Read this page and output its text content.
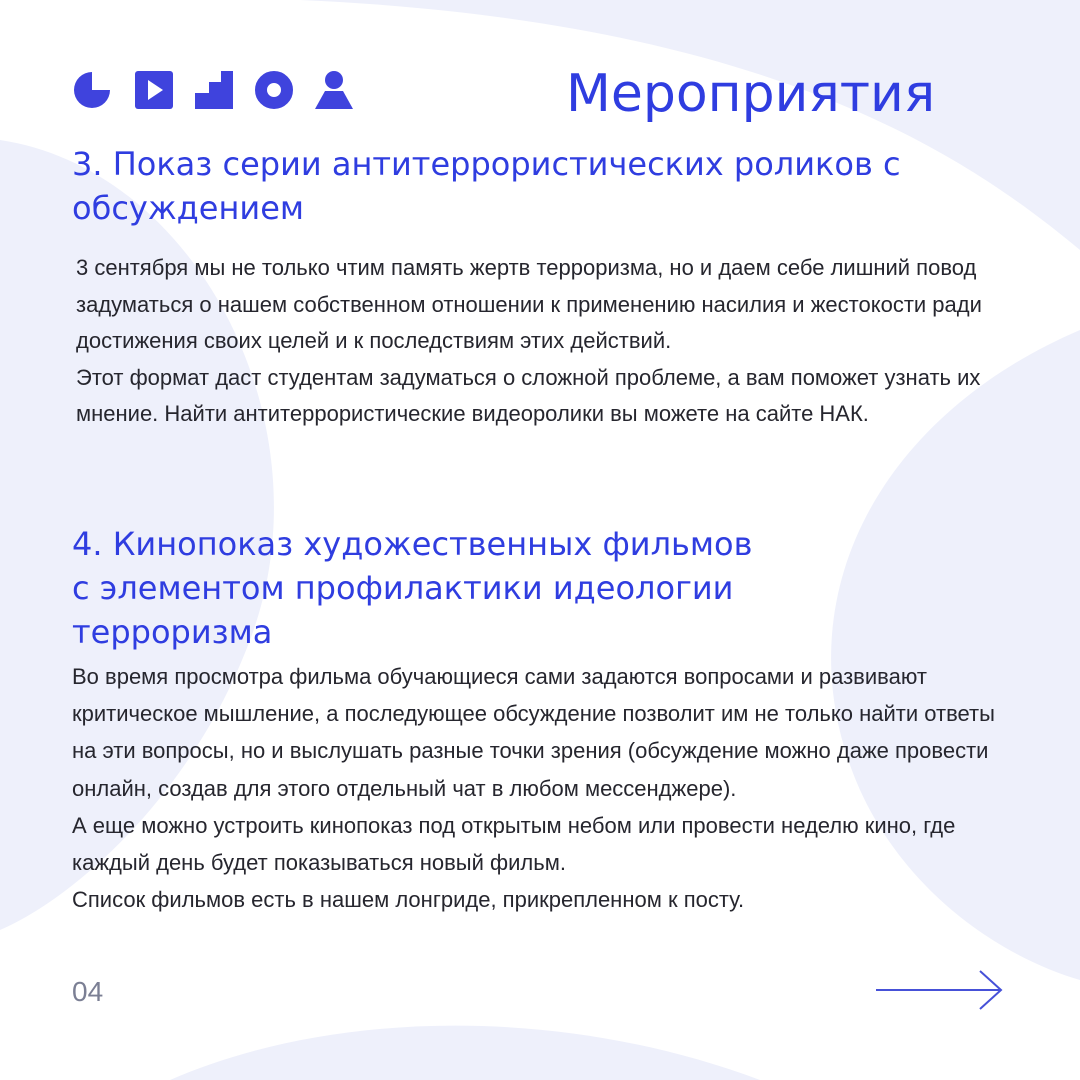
Мероприятия
3. Показ серии антитеррористических роликов с обсуждением

3 сентября мы не только чтим память жертв терроризма, но и даем себе лишний повод задуматься о нашем собственном отношении к применению насилия и жестокости ради достижения своих целей и к последствиям этих действий.

Этот формат даст студентам задуматься о сложной проблеме, а вам поможет узнать их мнение. Найти антитеррористические видеоролики вы можете на сайте НАК.

4. Кинопоказ художественных фильмов
с элементом профилактики идеологии
терроризма

Во время просмотра фильма обучающиеся сами задаются вопросами и развивают критическое мышление, а последующее обсуждение позволит им не только найти ответы на эти вопросы, но и выслушать разные точки зрения (обсуждение можно даже провести онлайн, создав для этого отдельный чат в любом мессенджере).

А еще можно устроить кинопоказ под открытым небом или провести неделю кино, где каждый день будет показываться новый фильм.

Список фильмов есть в нашем лонгриде, прикрепленном к посту.

04
